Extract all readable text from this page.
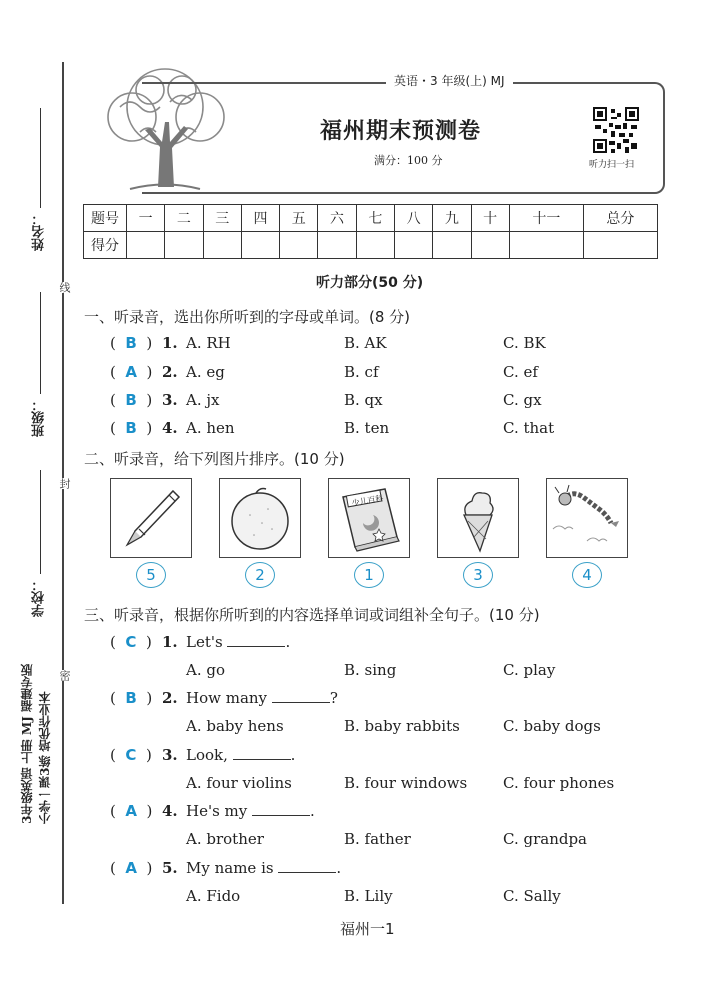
线
封
密
姓名：
班级：
学校：
3年级英语 上册 MJ 福建专版 小学一课3练 培优作业本
英语・3 年级(上) MJ
福州期末预测卷
满分：100 分	听力扫一扫
题号	一	二	三	四	五	六	七	八	九	十	十一	总分
得分												
听力部分(50 分)
一、听录音，选出你所听到的字母或单词。(8 分)
(  B  ) 1. A. RH	B. AK	C. BK
(  A  ) 2. A. eg	B. cf	C. ef
(  B  ) 3. A. jx	B. qx	C. gx
(  B  ) 4. A. hen	B. ten	C. that
二、听录音，给下列图片排序。(10 分)
少儿百科
5	2	1	3	4
三、听录音，根据你所听到的内容选择单词或词组补全句子。(10 分)
(  C  ) 1. Let's	.
A. go	B. sing	C. play
(  B  ) 2. How many	?
A. baby hens	B. baby rabbits	C. baby dogs
(  C  ) 3. Look,	.
A. four violins	B. four windows C. four phones
(  A  ) 4. He's my	.
A. brother	B. father	C. grandpa
(  A  ) 5. My name is	.
A. Fido	B. Lily	C. Sally
福州一1
